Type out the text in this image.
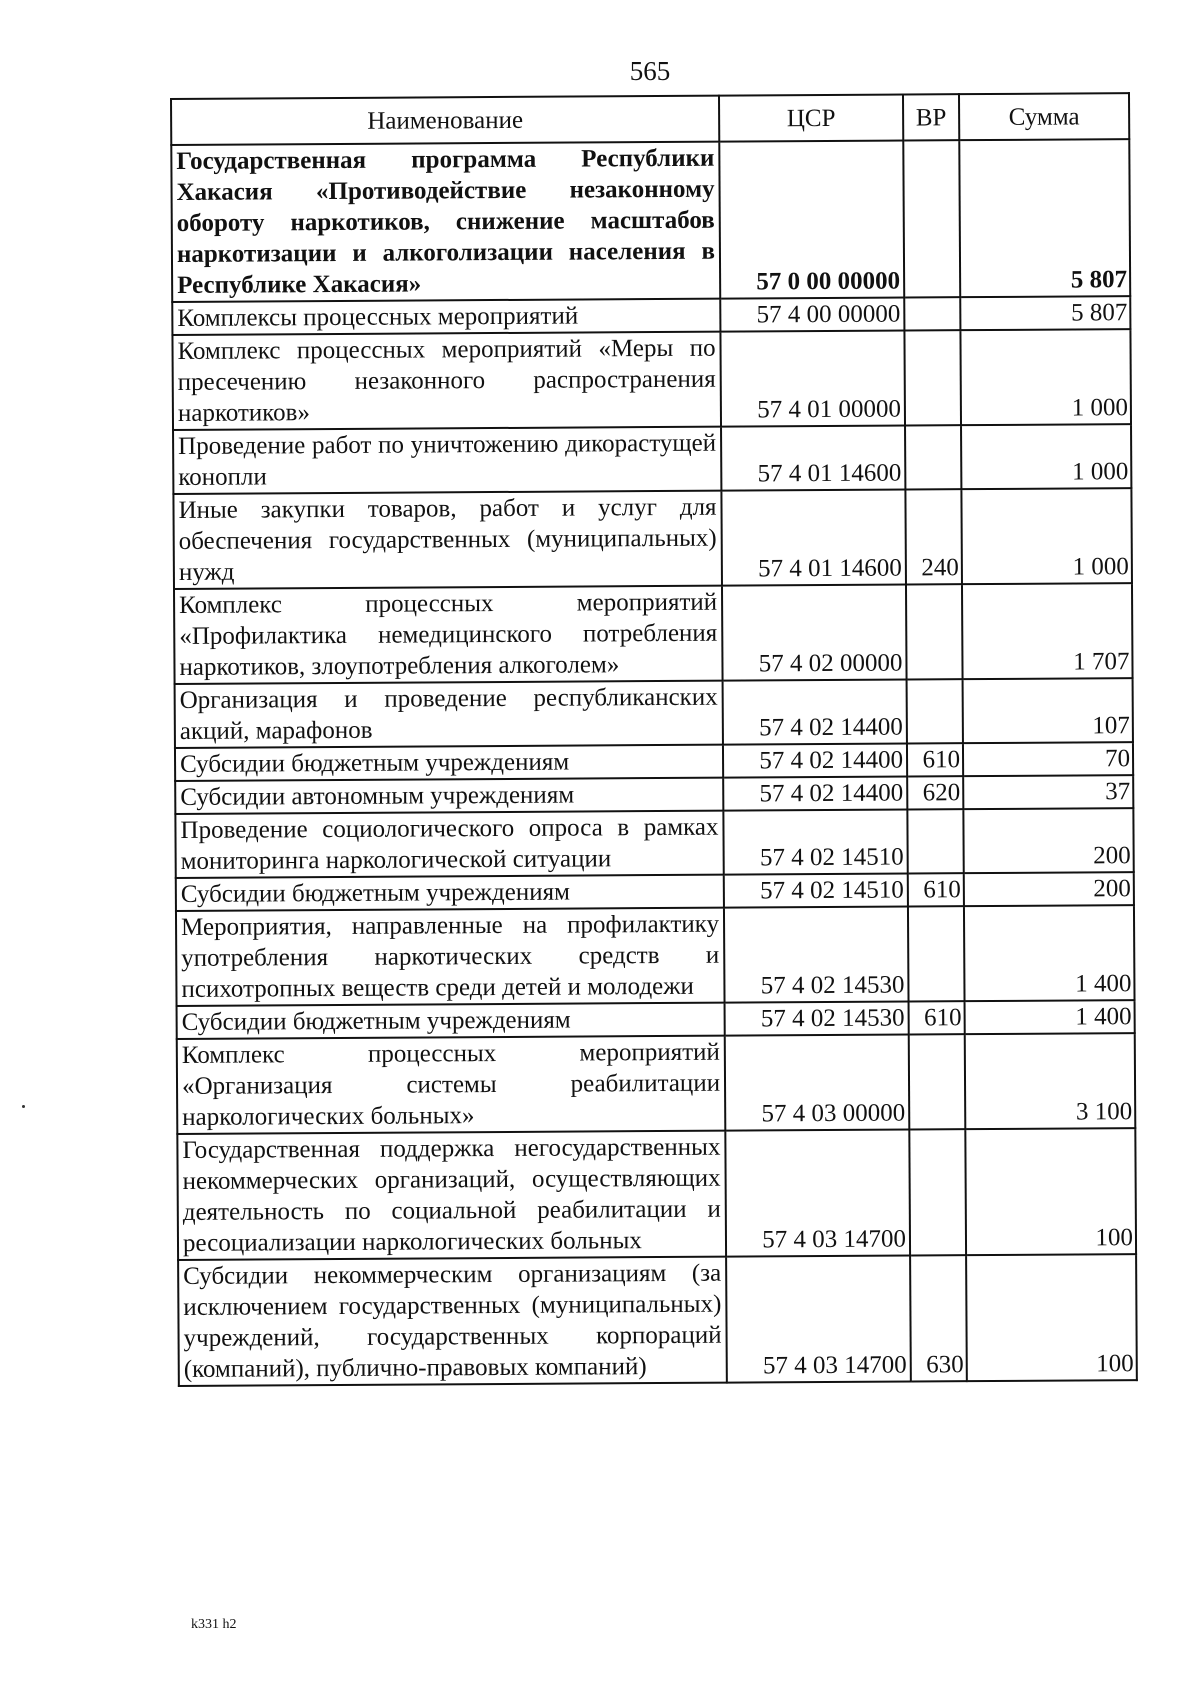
565
Наименование	ЦСР	ВР	Сумма
Государственная программа Республики Хакасия «Противодействие незаконному обороту наркотиков, снижение масштабов наркотизации и алкоголизации населения в Республике Хакасия»	57 0 00 00000		5 807
Комплексы процессных мероприятий	57 4 00 00000		5 807
Комплекс процессных мероприятий «Меры по пресечению незаконного распространения наркотиков»	57 4 01 00000		1 000
Проведение работ по уничтожению дикорастущей конопли	57 4 01 14600		1 000
Иные закупки товаров, работ и услуг для обеспечения государственных (муниципальных) нужд	57 4 01 14600	240	1 000
Комплекс процессных мероприятий «Профилактика немедицинского потребления наркотиков, злоупотребления алкоголем»	57 4 02 00000		1 707
Организация и проведение республиканских акций, марафонов	57 4 02 14400		107
Субсидии бюджетным учреждениям	57 4 02 14400	610	70
Субсидии автономным учреждениям	57 4 02 14400	620	37
Проведение социологического опроса в рамках мониторинга наркологической ситуации	57 4 02 14510		200
Субсидии бюджетным учреждениям	57 4 02 14510	610	200
Мероприятия, направленные на профилактику употребления наркотических средств и психотропных веществ среди детей и молодежи	57 4 02 14530		1 400
Субсидии бюджетным учреждениям	57 4 02 14530	610	1 400
Комплекс процессных мероприятий «Организация системы реабилитации наркологических больных»	57 4 03 00000		3 100
Государственная поддержка негосударственных некоммерческих организаций, осуществляющих деятельность по социальной реабилитации и ресоциализации наркологических больных	57 4 03 14700		100
Субсидии некоммерческим организациям (за исключением государственных (муниципальных) учреждений, государственных корпораций (компаний), публично-правовых компаний)	57 4 03 14700	630	100
k331 h2
